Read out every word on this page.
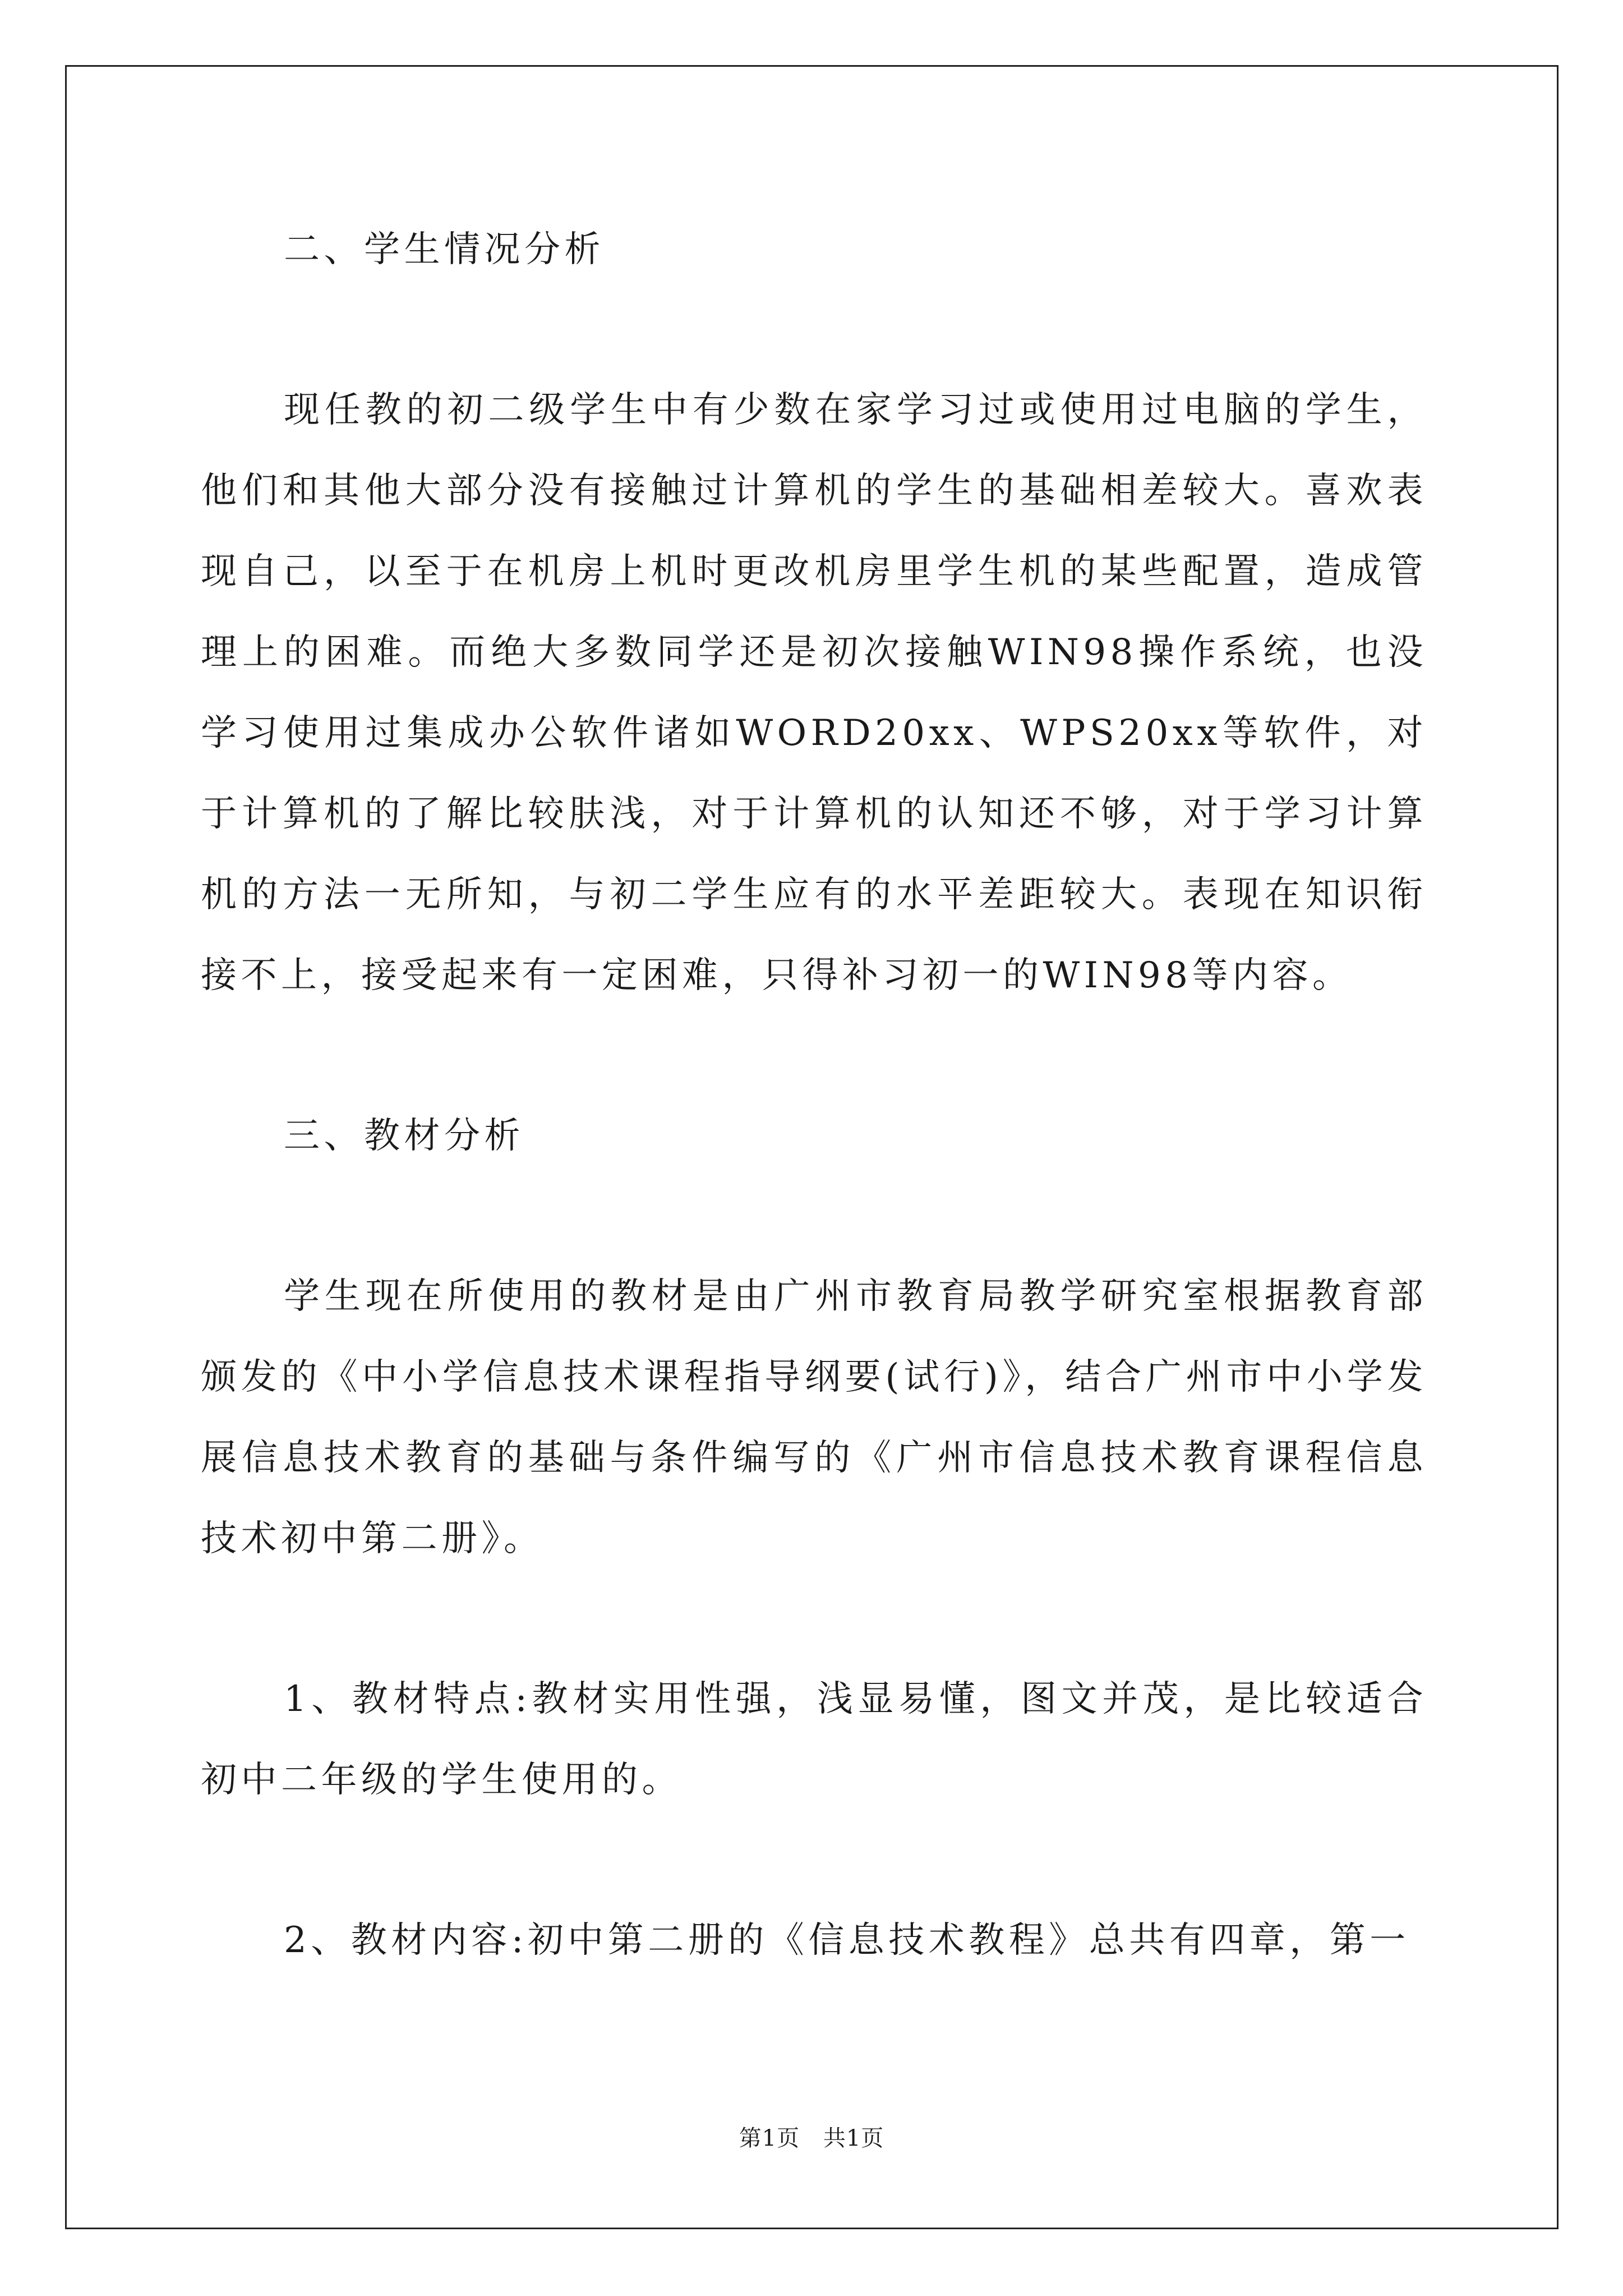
二、学生情况分析

现任教的初二级学生中有少数在家学习过或使用过电脑的学生，他们和其他大部分没有接触过计算机的学生的基础相差较大。喜欢表现自己，以至于在机房上机时更改机房里学生机的某些配置，造成管理上的困难。而绝大多数同学还是初次接触WIN98操作系统，也没学习使用过集成办公软件诸如WORD20xx、WPS20xx等软件，对于计算机的了解比较肤浅，对于计算机的认知还不够，对于学习计算机的方法一无所知，与初二学生应有的水平差距较大。表现在知识衔接不上，接受起来有一定困难，只得补习初一的WIN98等内容。

三、教材分析

学生现在所使用的教材是由广州市教育局教学研究室根据教育部颁发的《中小学信息技术课程指导纲要(试行)》，结合广州市中小学发展信息技术教育的基础与条件编写的《广州市信息技术教育课程信息技术初中第二册》。

1、教材特点:教材实用性强，浅显易懂，图文并茂，是比较适合初中二年级的学生使用的。

2、教材内容:初中第二册的《信息技术教程》总共有四章，第一

第1页 共1页
